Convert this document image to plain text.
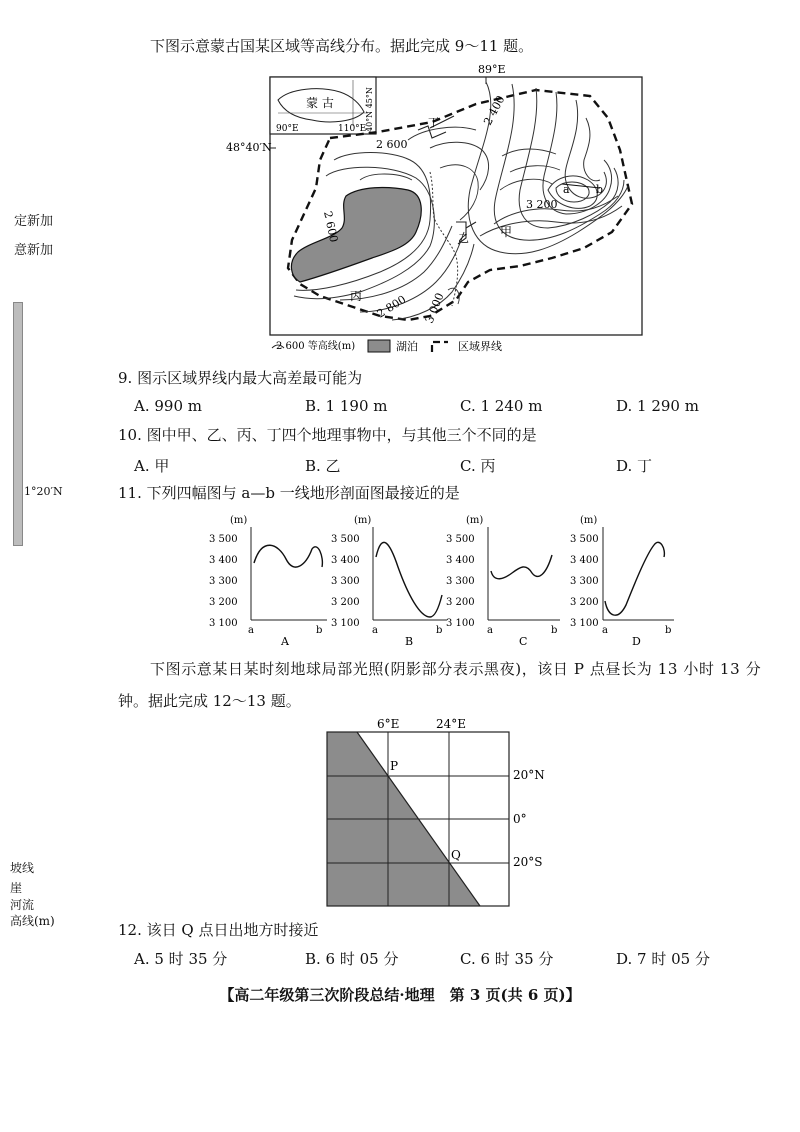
定新加
意新加
1°20′N
坡线
崖
河流
高线(m)
下图示意蒙古国某区域等高线分布。据此完成 9～11 题。
蒙 古
90°E	110°E
40°N 45°N
89°E
48°40′N
2 400
2 600
2 600
3 200
2 800 3 000
a b
甲
乙
丙
丁
2 600 等高线(m)	湖泊	区域界线
9. 图示区域界线内最大高差最可能为
A. 990 m	B. 1 190 m	C. 1 240 m	D. 1 290 m
10. 图中甲、乙、丙、丁四个地理事物中，与其他三个不同的是
A. 甲	B. 乙	C. 丙	D. 丁
11. 下列四幅图与 a—b 一线地形剖面图最接近的是
(m)
3 500
3 400
3 300
3 200
3 100
a	b
A
(m)
3 500
3 400
3 300
3 200
3 100
a	b
B
(m)
3 500
3 400
3 300
3 200
3 100
a	b
C
(m)
3 500
3 400
3 300
3 200
3 100
a	b
D
下图示意某日某时刻地球局部光照(阴影部分表示黑夜)，该日 P 点昼长为 13 小时 13 分
钟。据此完成 12～13 题。
6°E	24°E
P
Q
20°N
0°
20°S
12. 该日 Q 点日出地方时接近
A. 5 时 35 分	B. 6 时 05 分	C. 6 时 35 分	D. 7 时 05 分
【高二年级第三次阶段总结·地理　第 3 页(共 6 页)】
